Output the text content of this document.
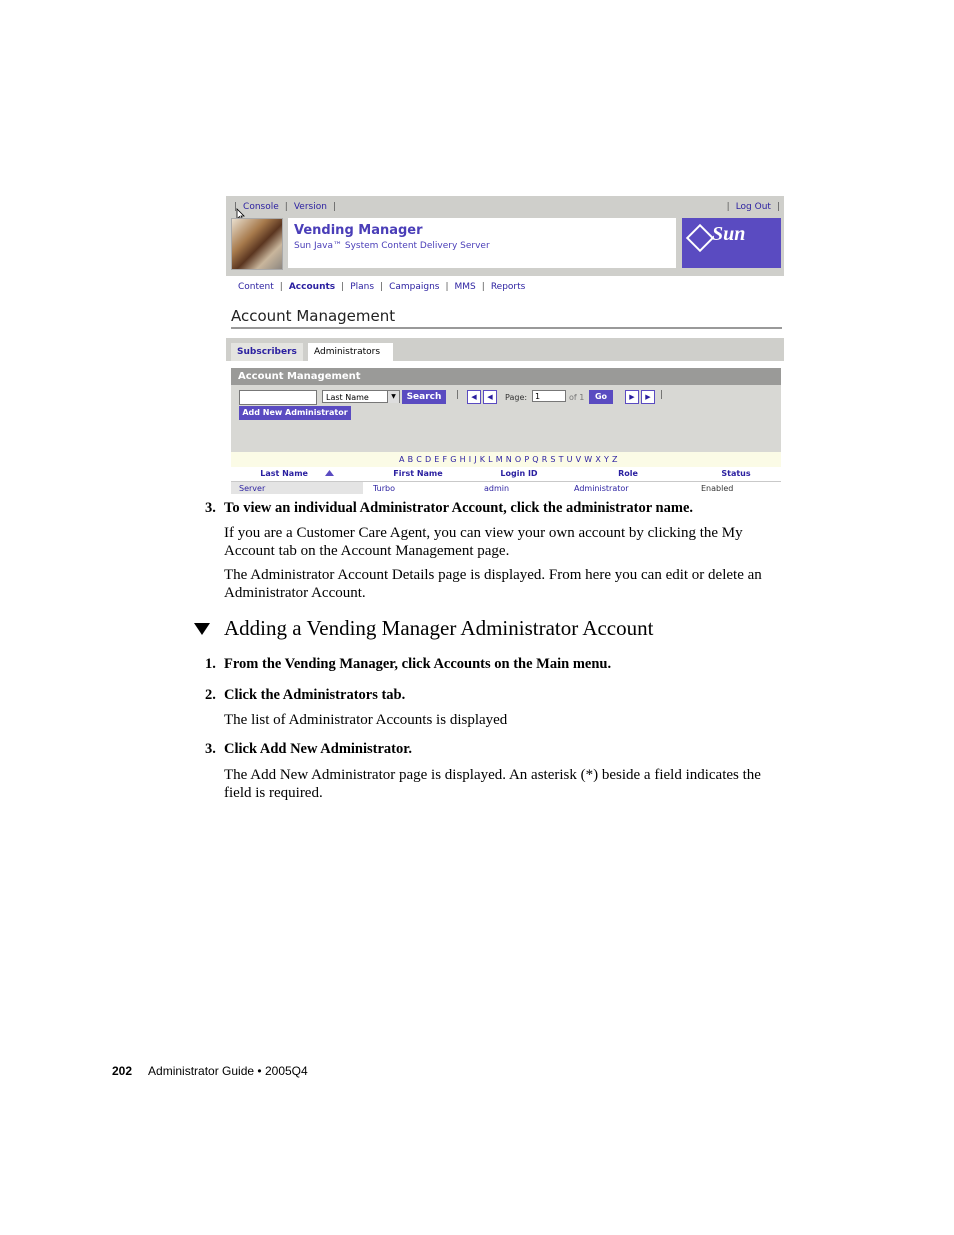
| Console | Version |	| Log Out |
Vending Manager
Sun Java™ System Content Delivery Server
Sun
Content | Accounts | Plans | Campaigns | MMS | Reports
Account Management
Subscribers	Administrators
Account Management
Last Name	▼	Search	|	◀	◀	Page: 1	of 1	Go	▶	▶	|
Add New Administrator
A B C D E F G H I J K L M N O P Q R S T U V W X Y Z
Last Name	First Name	Login ID	Role	Status
Server	Turbo	admin	Administrator	Enabled
3. To view an individual Administrator Account, click the administrator name.
If you are a Customer Care Agent, you can view your own account by clicking the My Account tab on the Account Management page.
The Administrator Account Details page is displayed. From here you can edit or delete an Administrator Account.
Adding a Vending Manager Administrator Account
1. From the Vending Manager, click Accounts on the Main menu.
2. Click the Administrators tab.
The list of Administrator Accounts is displayed
3. Click Add New Administrator.
The Add New Administrator page is displayed. An asterisk (*) beside a field indicates the field is required.
202 Administrator Guide • 2005Q4
